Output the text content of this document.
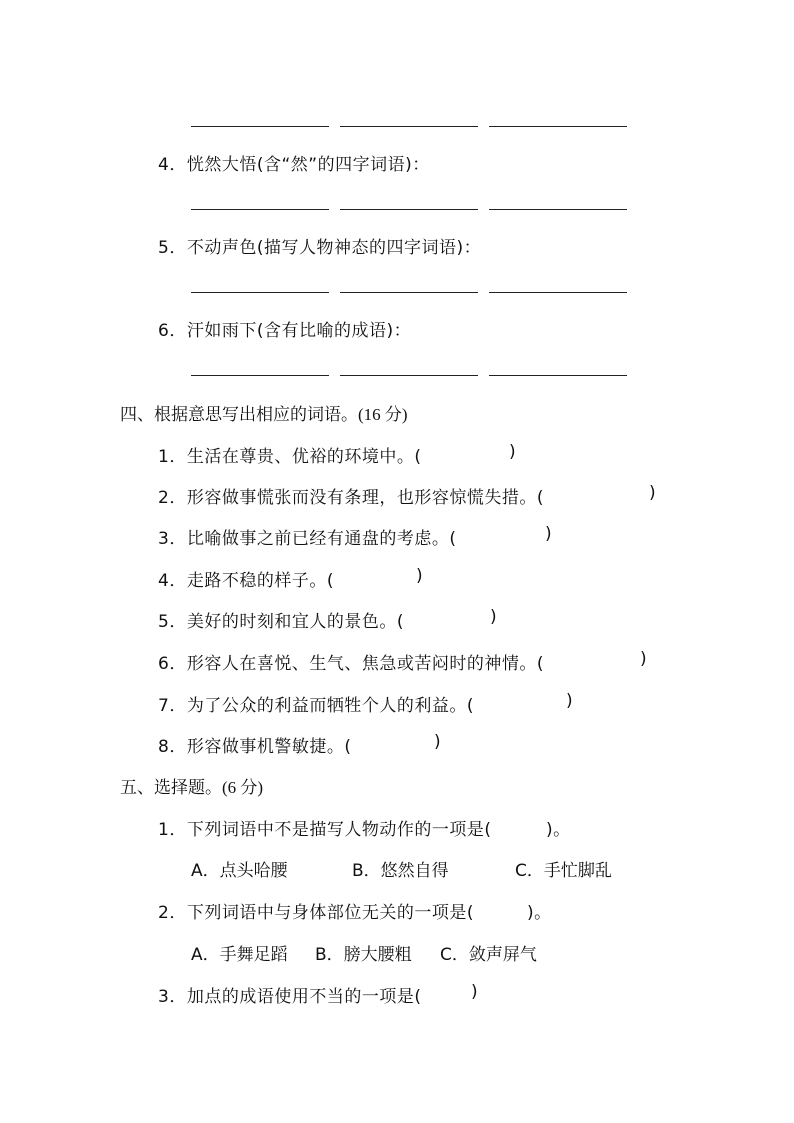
4．恍然大悟(含“然”的四字词语)：
5．不动声色(描写人物神态的四字词语)：
6．汗如雨下(含有比喻的成语)：
四、根据意思写出相应的词语。(16 分)
1．生活在尊贵、优裕的环境中。(	)
2．形容做事慌张而没有条理，也形容惊慌失措。(	)
3．比喻做事之前已经有通盘的考虑。(	)
4．走路不稳的样子。(	)
5．美好的时刻和宜人的景色。(	)
6．形容人在喜悦、生气、焦急或苦闷时的神情。(	)
7．为了公众的利益而牺牲个人的利益。(	)
8．形容做事机警敏捷。(	)
五、选择题。(6 分)
1．下列词语中不是描写人物动作的一项是(	)。
A．点头哈腰	B．悠然自得	C．手忙脚乱
2．下列词语中与身体部位无关的一项是(	)。
A．手舞足蹈 B．膀大腰粗 C．敛声屏气
3．加点的成语使用不当的一项是(	)
